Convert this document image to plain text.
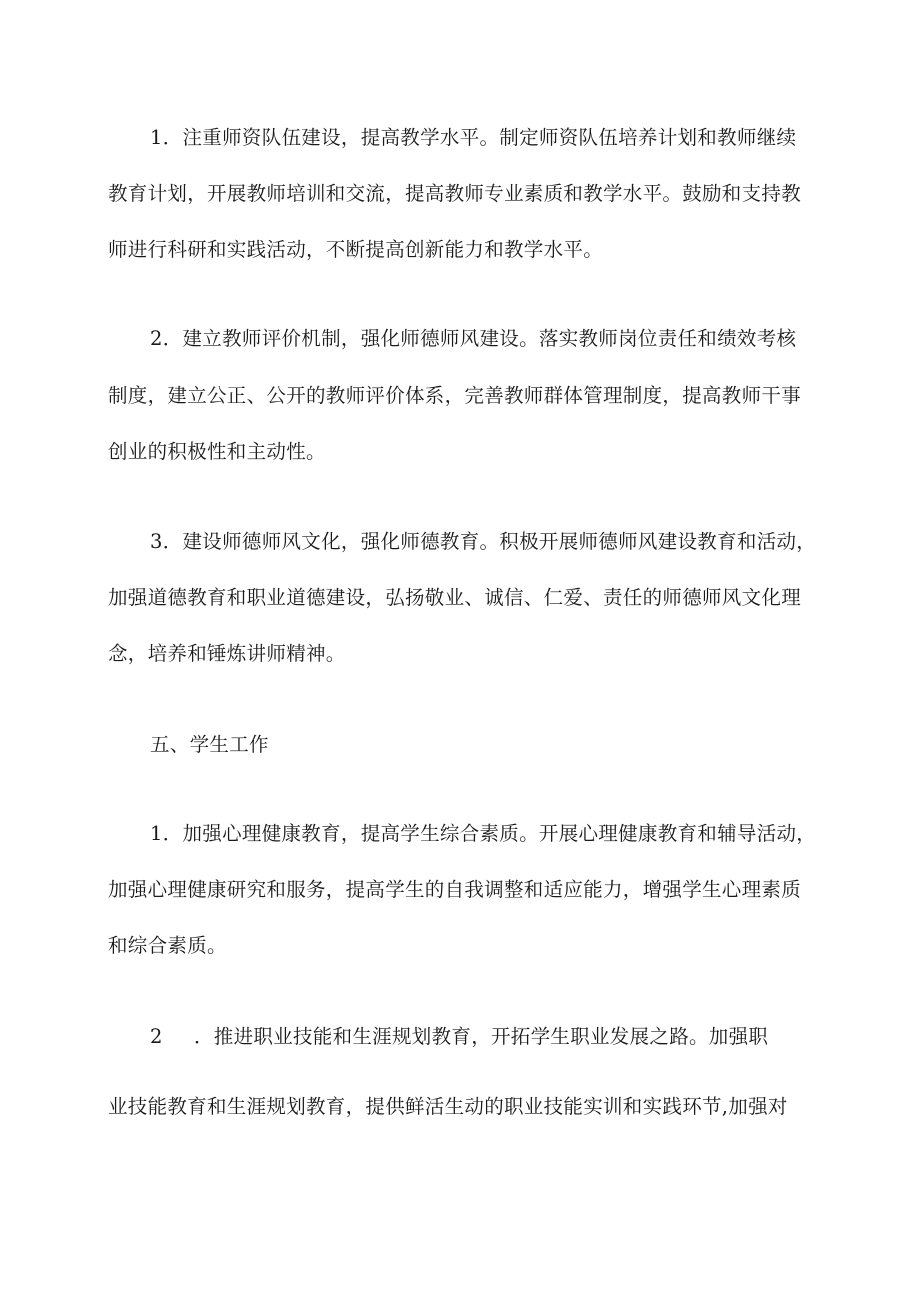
1．注重师资队伍建设，提高教学水平。制定师资队伍培养计划和教师继续
教育计划，开展教师培训和交流，提高教师专业素质和教学水平。鼓励和支持教
师进行科研和实践活动，不断提高创新能力和教学水平。
2．建立教师评价机制，强化师德师风建设。落实教师岗位责任和绩效考核
制度，建立公正、公开的教师评价体系，完善教师群体管理制度，提高教师干事
创业的积极性和主动性。
3．建设师德师风文化，强化师德教育。积极开展师德师风建设教育和活动，
加强道德教育和职业道德建设，弘扬敬业、诚信、仁爱、责任的师德师风文化理
念，培养和锤炼讲师精神。
五、学生工作
1．加强心理健康教育，提高学生综合素质。开展心理健康教育和辅导活动，
加强心理健康研究和服务，提高学生的自我调整和适应能力，增强学生心理素质
和综合素质。
2 ．推进职业技能和生涯规划教育，开拓学生职业发展之路。加强职
业技能教育和生涯规划教育，提供鲜活生动的职业技能实训和实践环节,加强对
